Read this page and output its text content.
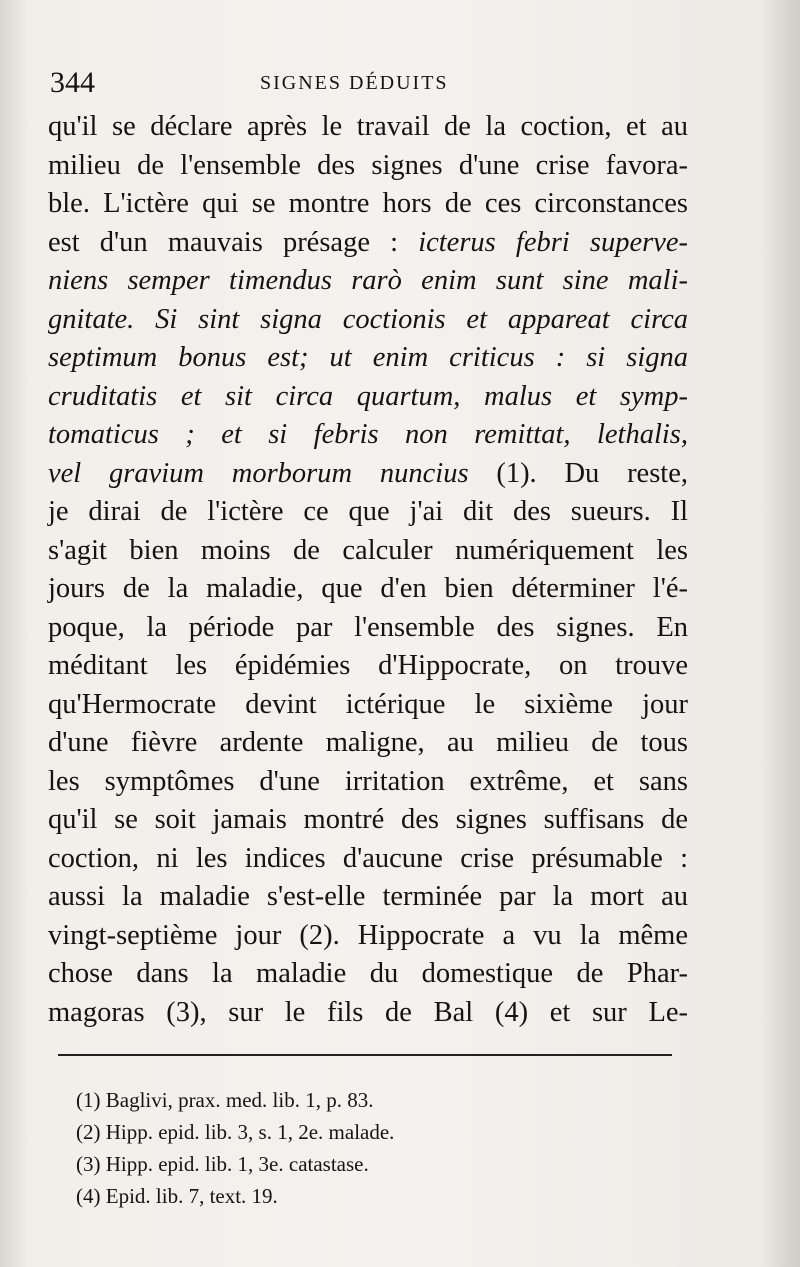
344	SIGNES DÉDUITS
qu'il se déclare après le travail de la coction, et au
milieu de l'ensemble des signes d'une crise favora-
ble. L'ictère qui se montre hors de ces circonstances
est d'un mauvais présage : icterus febri superve-
niens semper timendus rarò enim sunt sine mali-
gnitate. Si sint signa coctionis et appareat circa
septimum bonus est; ut enim criticus : si signa
cruditatis et sit circa quartum, malus et symp-
tomaticus ; et si febris non remittat, lethalis,
vel gravium morborum nuncius (1). Du reste,
je dirai de l'ictère ce que j'ai dit des sueurs. Il
s'agit bien moins de calculer numériquement les
jours de la maladie, que d'en bien déterminer l'é-
poque, la période par l'ensemble des signes. En
méditant les épidémies d'Hippocrate, on trouve
qu'Hermocrate devint ictérique le sixième jour
d'une fièvre ardente maligne, au milieu de tous
les symptômes d'une irritation extrême, et sans
qu'il se soit jamais montré des signes suffisans de
coction, ni les indices d'aucune crise présumable :
aussi la maladie s'est-elle terminée par la mort au
vingt-septième jour (2). Hippocrate a vu la même
chose dans la maladie du domestique de Phar-
magoras (3), sur le fils de Bal (4) et sur Le-
(1) Baglivi, prax. med. lib. 1, p. 83.
(2) Hipp. epid. lib. 3, s. 1, 2e. malade.
(3) Hipp. epid. lib. 1, 3e. catastase.
(4) Epid. lib. 7, text. 19.
